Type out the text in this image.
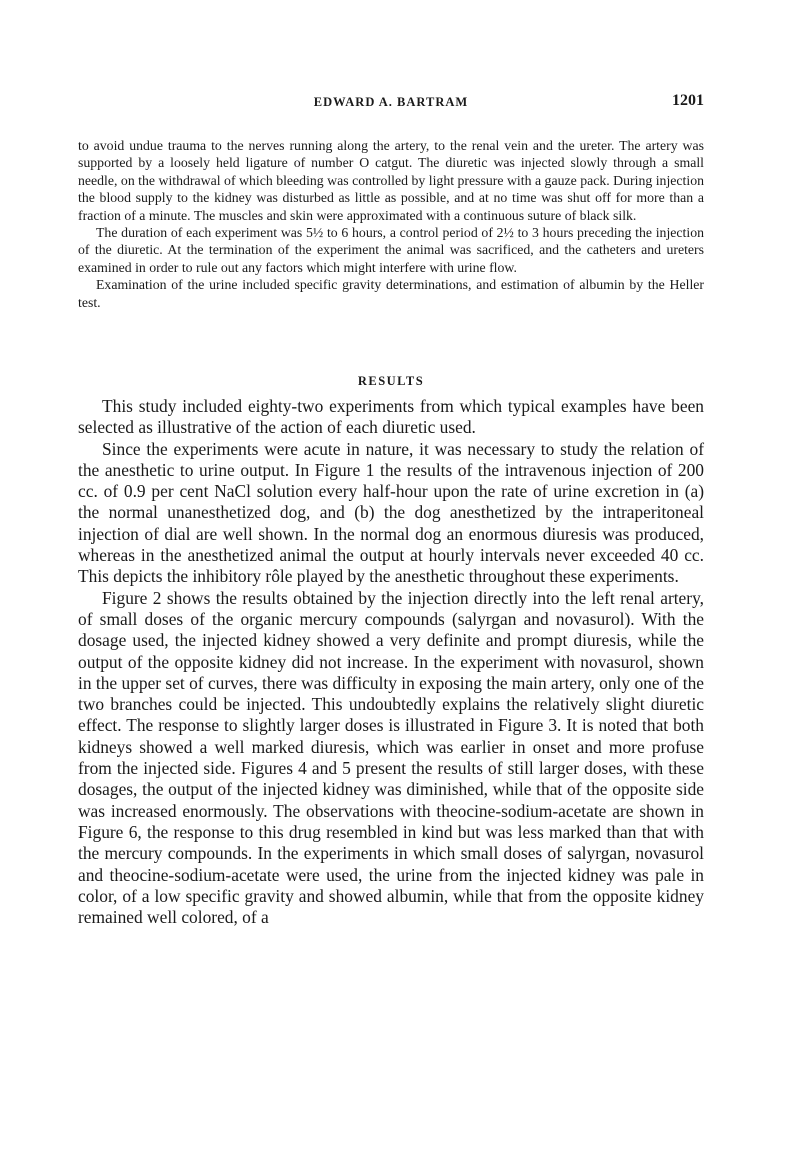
EDWARD A. BARTRAM	1201

to avoid undue trauma to the nerves running along the artery, to the renal vein and the ureter. The artery was supported by a loosely held ligature of number O catgut. The diuretic was injected slowly through a small needle, on the withdrawal of which bleeding was controlled by light pressure with a gauze pack. During injection the blood supply to the kidney was disturbed as little as possible, and at no time was shut off for more than a fraction of a minute. The muscles and skin were approximated with a continuous suture of black silk.

The duration of each experiment was 5½ to 6 hours, a control period of 2½ to 3 hours preceding the injection of the diuretic. At the termination of the experiment the animal was sacrificed, and the catheters and ureters examined in order to rule out any factors which might interfere with urine flow.

Examination of the urine included specific gravity determinations, and estimation of albumin by the Heller test.

RESULTS

This study included eighty-two experiments from which typical examples have been selected as illustrative of the action of each diuretic used.

Since the experiments were acute in nature, it was necessary to study the relation of the anesthetic to urine output. In Figure 1 the results of the intravenous injection of 200 cc. of 0.9 per cent NaCl solution every half-hour upon the rate of urine excretion in (a) the normal unanesthetized dog, and (b) the dog anesthetized by the intraperitoneal injection of dial are well shown. In the normal dog an enormous diuresis was produced, whereas in the anesthetized animal the output at hourly intervals never exceeded 40 cc. This depicts the inhibitory rôle played by the anesthetic throughout these experiments.

Figure 2 shows the results obtained by the injection directly into the left renal artery, of small doses of the organic mercury compounds (salyrgan and novasurol). With the dosage used, the injected kidney showed a very definite and prompt diuresis, while the output of the opposite kidney did not increase. In the experiment with novasurol, shown in the upper set of curves, there was difficulty in exposing the main artery, only one of the two branches could be injected. This undoubtedly explains the relatively slight diuretic effect. The response to slightly larger doses is illustrated in Figure 3. It is noted that both kidneys showed a well marked diuresis, which was earlier in onset and more profuse from the injected side. Figures 4 and 5 present the results of still larger doses, with these dosages, the output of the injected kidney was diminished, while that of the opposite side was increased enormously. The observations with theocine-sodium-acetate are shown in Figure 6, the response to this drug resembled in kind but was less marked than that with the mercury compounds. In the experiments in which small doses of salyrgan, novasurol and theocine-sodium-acetate were used, the urine from the injected kidney was pale in color, of a low specific gravity and showed albumin, while that from the opposite kidney remained well colored, of a
